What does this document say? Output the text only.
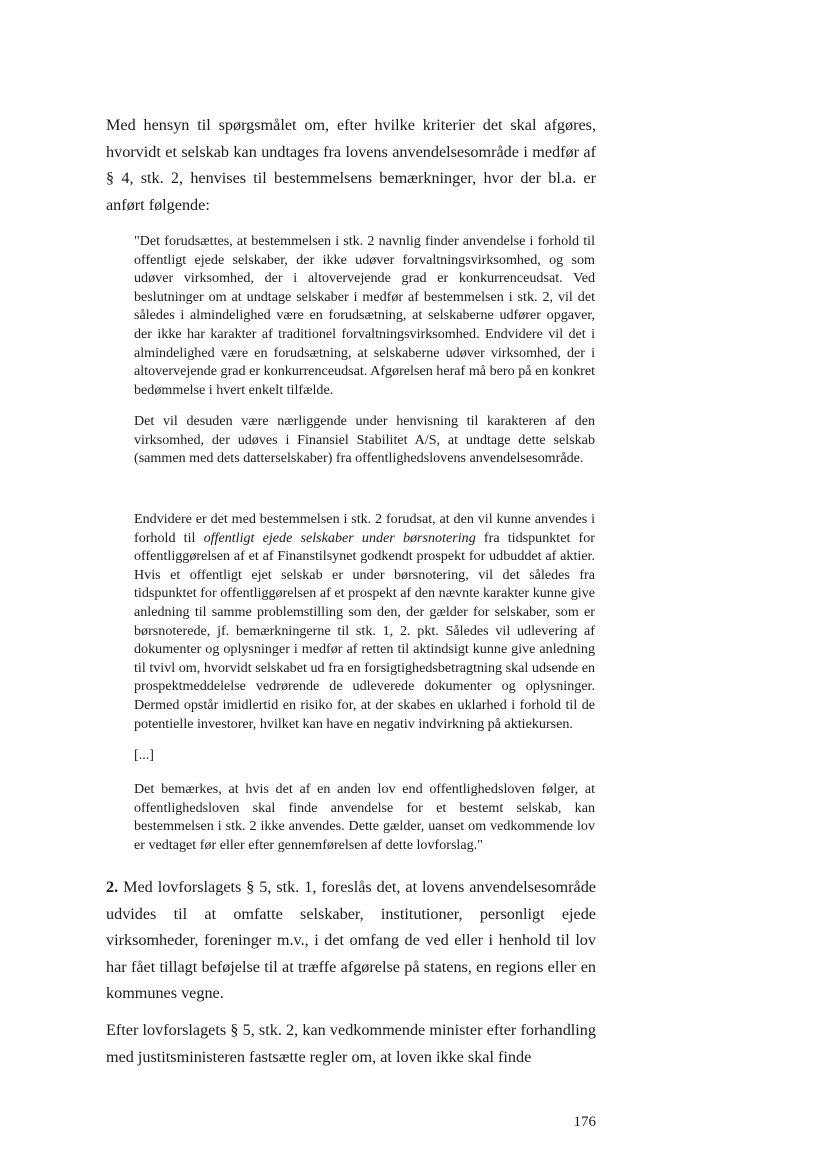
Med hensyn til spørgsmålet om, efter hvilke kriterier det skal afgøres, hvorvidt et selskab kan undtages fra lovens anvendelsesområde i medfør af § 4, stk. 2, henvises til bestemmelsens bemærkninger, hvor der bl.a. er anført følgende:

"Det forudsættes, at bestemmelsen i stk. 2 navnlig finder anvendelse i forhold til offentligt ejede selskaber, der ikke udøver forvaltningsvirksomhed, og som udøver virksomhed, der i altovervejende grad er konkurrenceudsat. Ved beslutninger om at undtage selskaber i medfør af bestemmelsen i stk. 2, vil det således i almindelighed være en forudsætning, at selskaberne udfører opgaver, der ikke har karakter af traditionel forvaltningsvirksomhed. Endvidere vil det i almindelighed være en forudsætning, at selskaberne udøver virksomhed, der i altovervejende grad er konkurrenceudsat. Afgørelsen heraf må bero på en konkret bedømmelse i hvert enkelt tilfælde.

Det vil desuden være nærliggende under henvisning til karakteren af den virksomhed, der udøves i Finansiel Stabilitet A/S, at undtage dette selskab (sammen med dets datterselskaber) fra offentlighedslovens anvendelsesområde.

Endvidere er det med bestemmelsen i stk. 2 forudsat, at den vil kunne anvendes i forhold til offentligt ejede selskaber under børsnotering fra tidspunktet for offentliggørelsen af et af Finanstilsynet godkendt prospekt for udbuddet af aktier. Hvis et offentligt ejet selskab er under børsnotering, vil det således fra tidspunktet for offentliggørelsen af et prospekt af den nævnte karakter kunne give anledning til samme problemstilling som den, der gælder for selskaber, som er børsnoterede, jf. bemærkningerne til stk. 1, 2. pkt. Således vil udlevering af dokumenter og oplysninger i medfør af retten til aktindsigt kunne give anledning til tvivl om, hvorvidt selskabet ud fra en forsigtighedsbetragtning skal udsende en prospektmeddelelse vedrørende de udleverede dokumenter og oplysninger. Dermed opstår imidlertid en risiko for, at der skabes en uklarhed i forhold til de potentielle investorer, hvilket kan have en negativ indvirkning på aktiekursen.

[...]

Det bemærkes, at hvis det af en anden lov end offentlighedsloven følger, at offentlighedsloven skal finde anvendelse for et bestemt selskab, kan bestemmelsen i stk. 2 ikke anvendes. Dette gælder, uanset om vedkommende lov er vedtaget før eller efter gennemførelsen af dette lovforslag."

2. Med lovforslagets § 5, stk. 1, foreslås det, at lovens anvendelsesområde udvides til at omfatte selskaber, institutioner, personligt ejede virksomheder, foreninger m.v., i det omfang de ved eller i henhold til lov har fået tillagt beføjelse til at træffe afgørelse på statens, en regions eller en kommunes vegne.

Efter lovforslagets § 5, stk. 2, kan vedkommende minister efter forhandling med justitsministeren fastsætte regler om, at loven ikke skal finde

176
